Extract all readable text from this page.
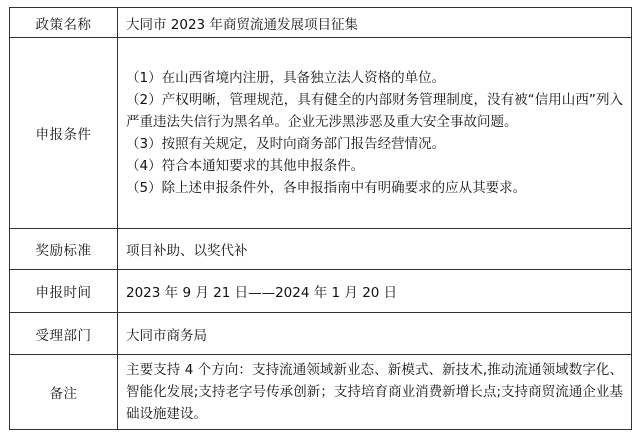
政策名称	大同市 2023 年商贸流通发展项目征集
申报条件	（1）在山西省境内注册，具备独立法人资格的单位。
（2）产权明晰，管理规范，具有健全的内部财务管理制度，没有被“信用山西”列入严重违法失信行为黑名单。企业无涉黑涉恶及重大安全事故问题。
（3）按照有关规定，及时向商务部门报告经营情况。
（4）符合本通知要求的其他申报条件。
（5）除上述申报条件外，各申报指南中有明确要求的应从其要求。

奖励标准	项目补助、以奖代补
申报时间	2023 年 9 月 21 日——2024 年 1 月 20 日
受理部门	大同市商务局
备注	主要支持 4 个方向：支持流通领域新业态、新模式、新技术,推动流通领域数字化、智能化发展;支持老字号传承创新；支持培育商业消费新增长点;支持商贸流通企业基础设施建设。
